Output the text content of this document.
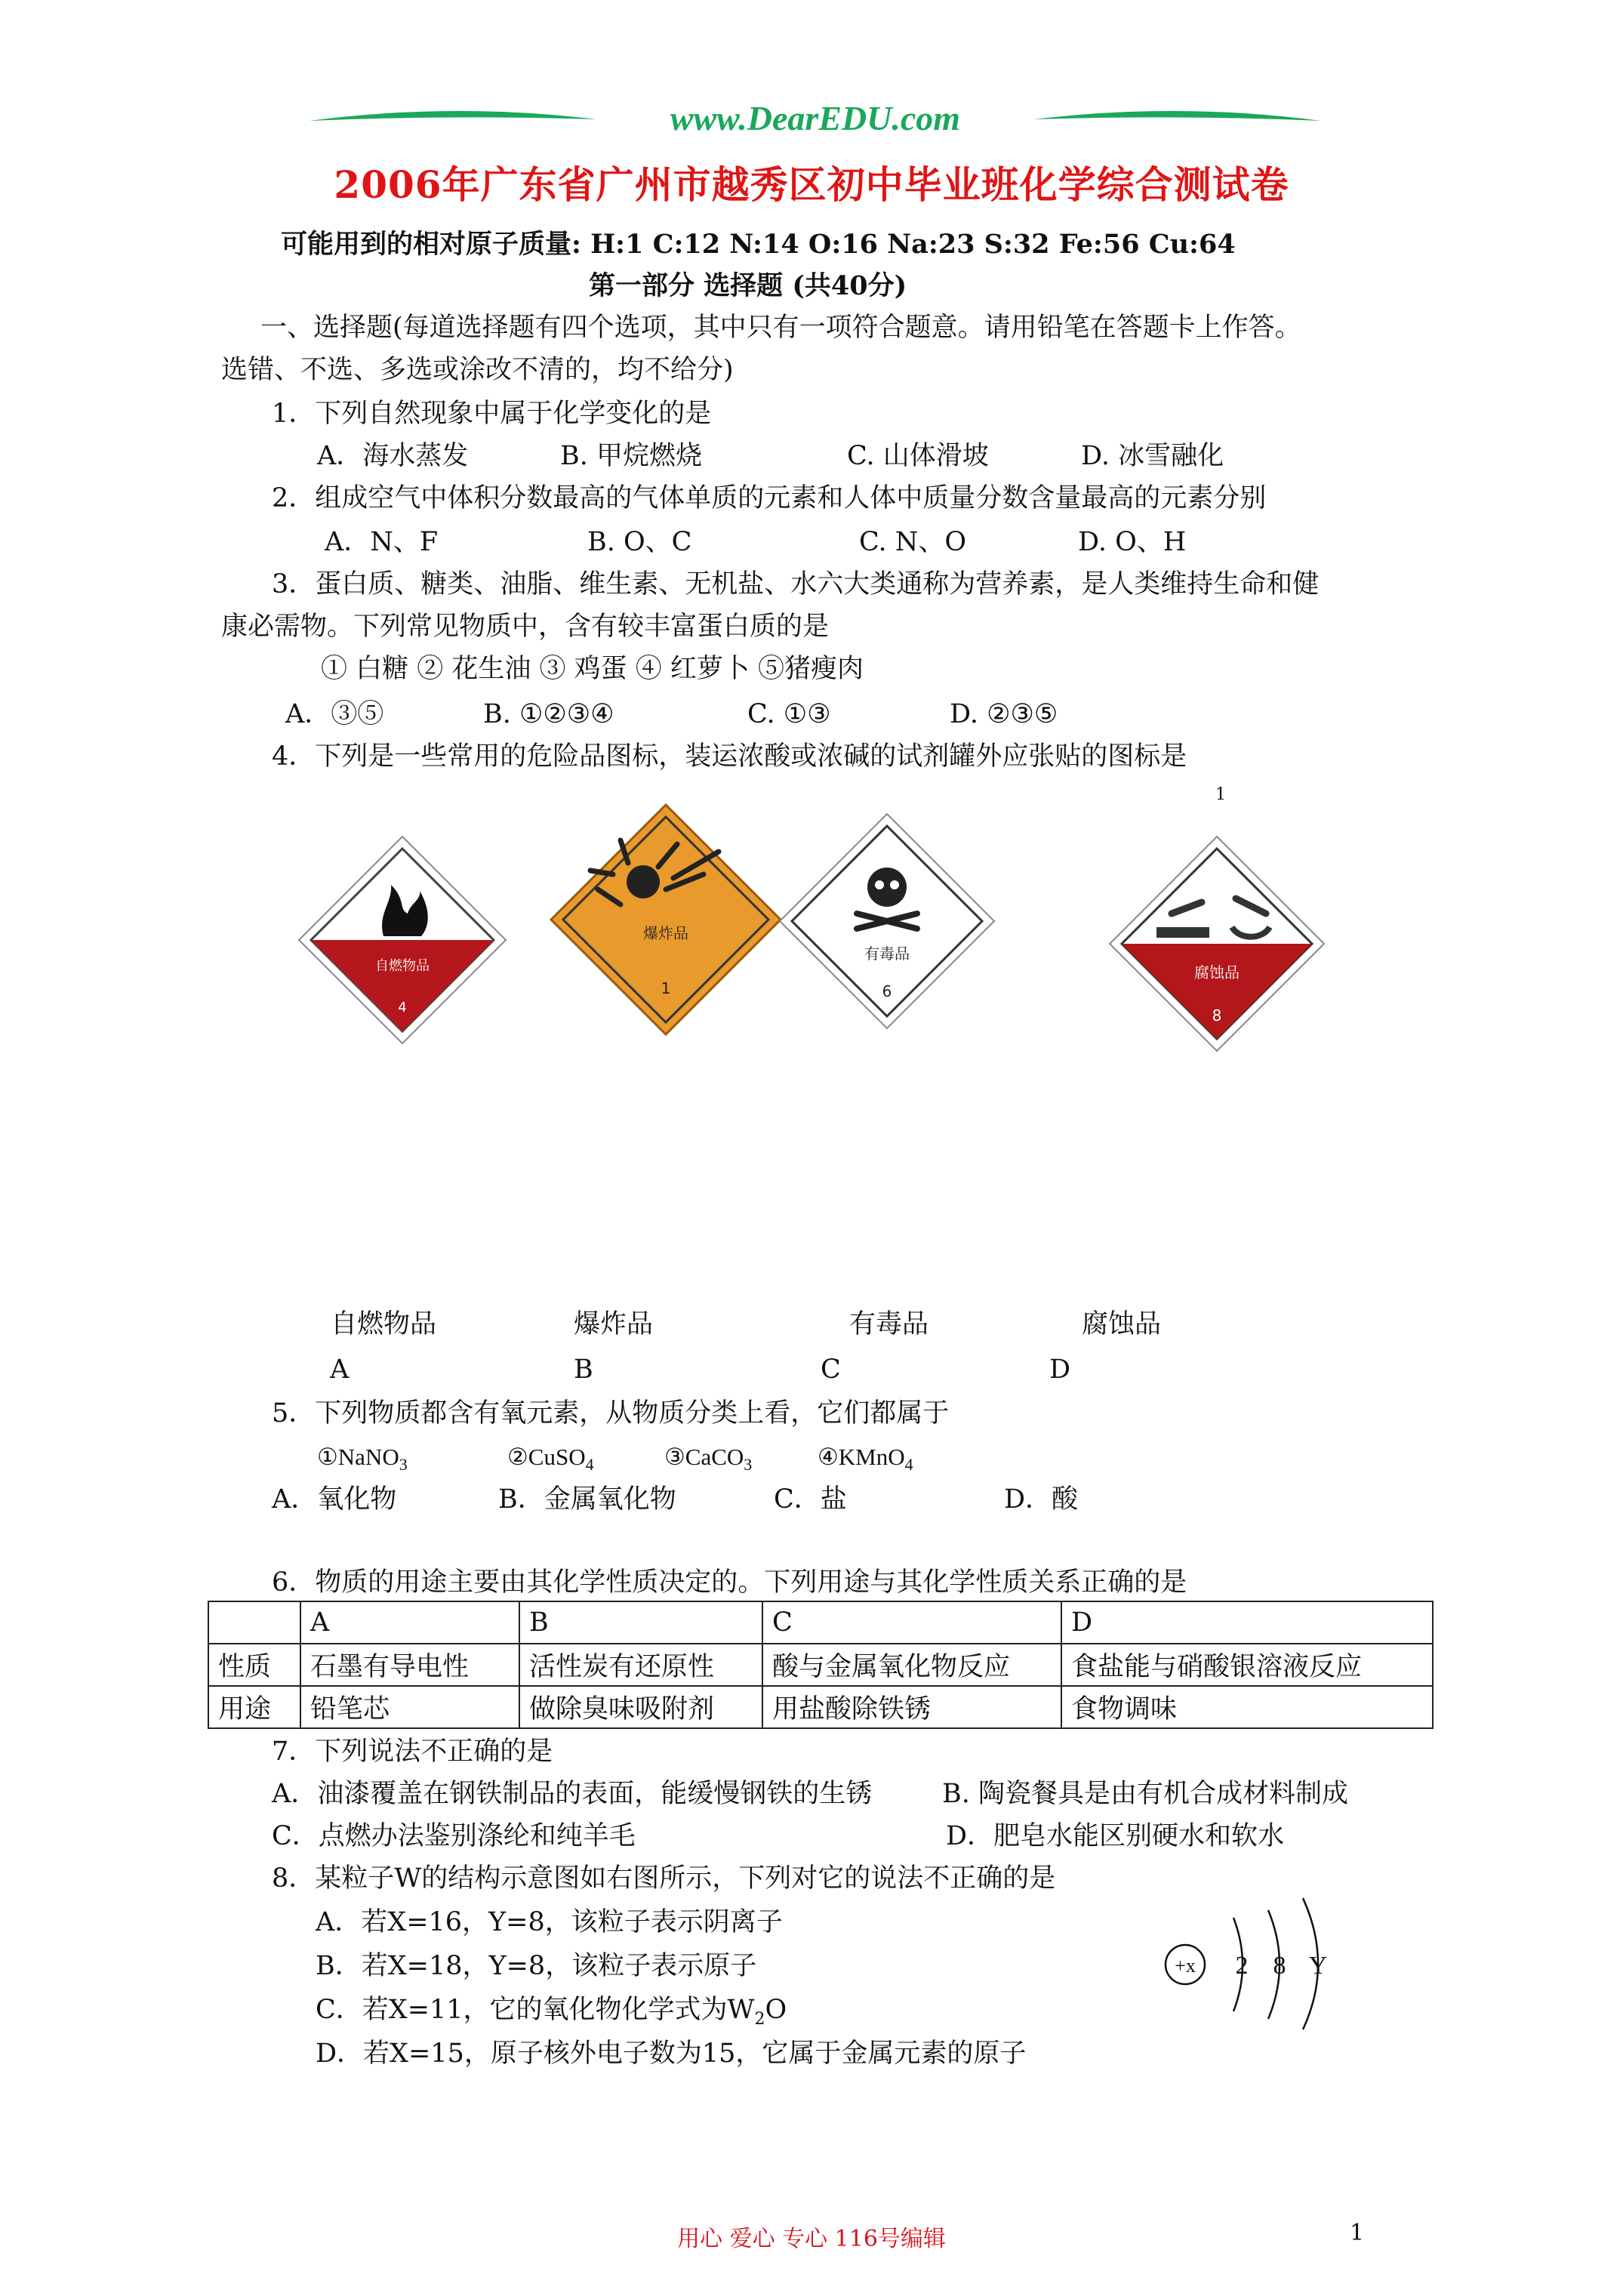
www.DearEDU.com
2006年广东省广州市越秀区初中毕业班化学综合测试卷
可能用到的相对原子质量: H:1 C:12 N:14 O:16 Na:23 S:32 Fe:56 Cu:64
第一部分 选择题 (共40分)
一、选择题(每道选择题有四个选项，其中只有一项符合题意。请用铅笔在答题卡上作答。
选错、不选、多选或涂改不清的，均不给分)
1．下列自然现象中属于化学变化的是
A．海水蒸发	B. 甲烷燃烧	C. 山体滑坡	D. 冰雪融化
2．组成空气中体积分数最高的气体单质的元素和人体中质量分数含量最高的元素分别
A．N、F	B. O、C	C. N、O	D. O、H
3．蛋白质、糖类、油脂、维生素、无机盐、水六大类通称为营养素，是人类维持生命和健
康必需物。下列常见物质中，含有较丰富蛋白质的是
① 白糖 ② 花生油 ③ 鸡蛋 ④ 红萝卜 ⑤猪瘦肉
A．③⑤	B. ①②③④	C. ①③	D. ②③⑤
4．下列是一些常用的危险品图标，装运浓酸或浓碱的试剂罐外应张贴的图标是
1
自燃物品
4
爆炸品
1
有毒品
6
腐蚀品
8
自燃物品	爆炸品	有毒品	腐蚀品
A	B	C	D
5．下列物质都含有氧元素，从物质分类上看，它们都属于
①NaNO$_3$	②CuSO$_4$	③CaCO$_3$	④KMnO$_4$
A．氧化物	B．金属氧化物	C．盐	D．酸
6．物质的用途主要由其化学性质决定的。下列用途与其化学性质关系正确的是
	A	B	C	D
性质	石墨有导电性	活性炭有还原性	酸与金属氧化物反应	食盐能与硝酸银溶液反应
用途	铅笔芯	做除臭味吸附剂	用盐酸除铁锈	食物调味
7．下列说法不正确的是
A．油漆覆盖在钢铁制品的表面，能缓慢钢铁的生锈	B. 陶瓷餐具是由有机合成材料制成
C．点燃办法鉴别涤纶和纯羊毛	D．肥皂水能区别硬水和软水
8．某粒子W的结构示意图如右图所示，下列对它的说法不正确的是
A．若X=16，Y=8，该粒子表示阴离子
B．若X=18，Y=8，该粒子表示原子
C．若X=11，它的氧化物化学式为$W_2O$
D．若X=15，原子核外电子数为15，它属于金属元素的原子
+x 2 8 Y
用心 爱心 专心 116号编辑	1
